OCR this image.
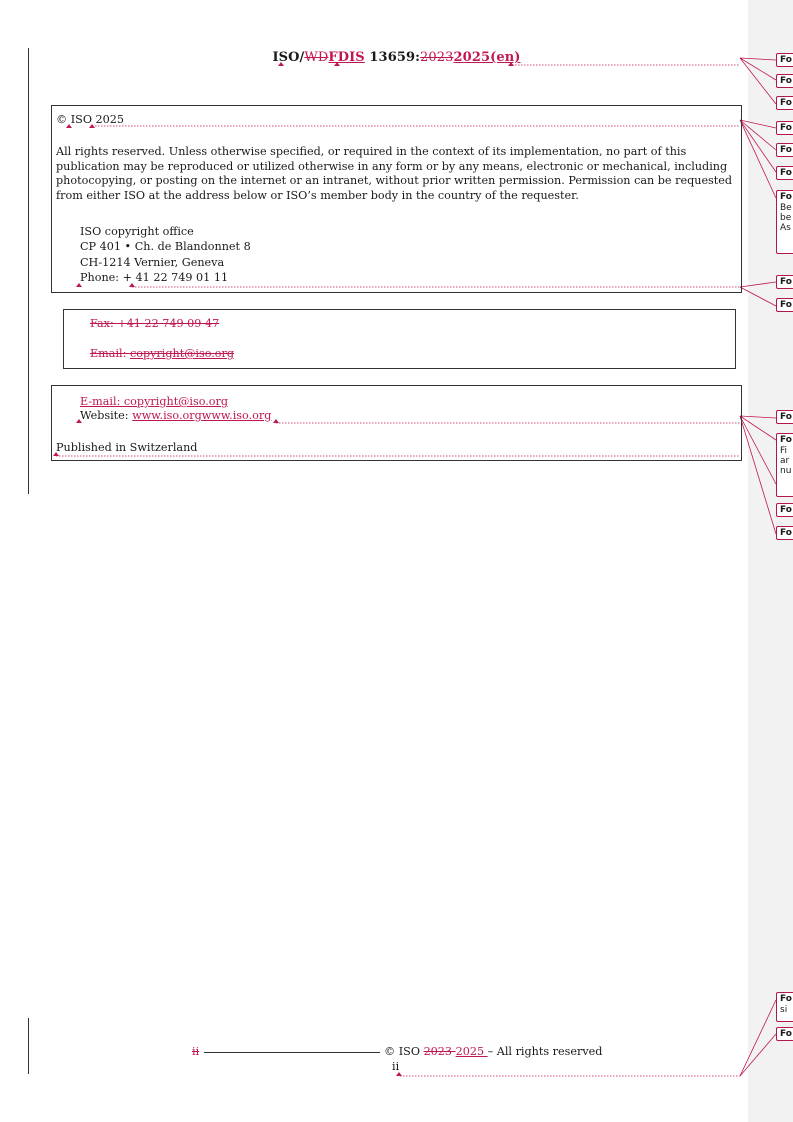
Fo
Fo
Fo
Fo
Fo
Fo
Fo
Be
be
As
Fo
Fo
Fo
Fo
Fi
ar
nu
Fo
Fo
Fo
si
Fo
ISO/WDFDIS 13659:20232025(en)
© ISO 2025
All rights reserved. Unless otherwise specified, or required in the context of its implementation, no part of this publication may be reproduced or utilized otherwise in any form or by any means, electronic or mechanical, including photocopying, or posting on the internet or an intranet, without prior written permission. Permission can be requested from either ISO at the address below or ISO’s member body in the country of the requester.
ISO copyright office
CP 401 • Ch. de Blandonnet 8
CH-1214 Vernier, Geneva
Phone: + 41 22 749 01 11
Fax: +41 22 749 09 47
Email: copyright@iso.org
E-mail: copyright@iso.org
Website: www.iso.orgwww.iso.org
Published in Switzerland
ii	© ISO 2023 2025 – All rights reserved
ii
